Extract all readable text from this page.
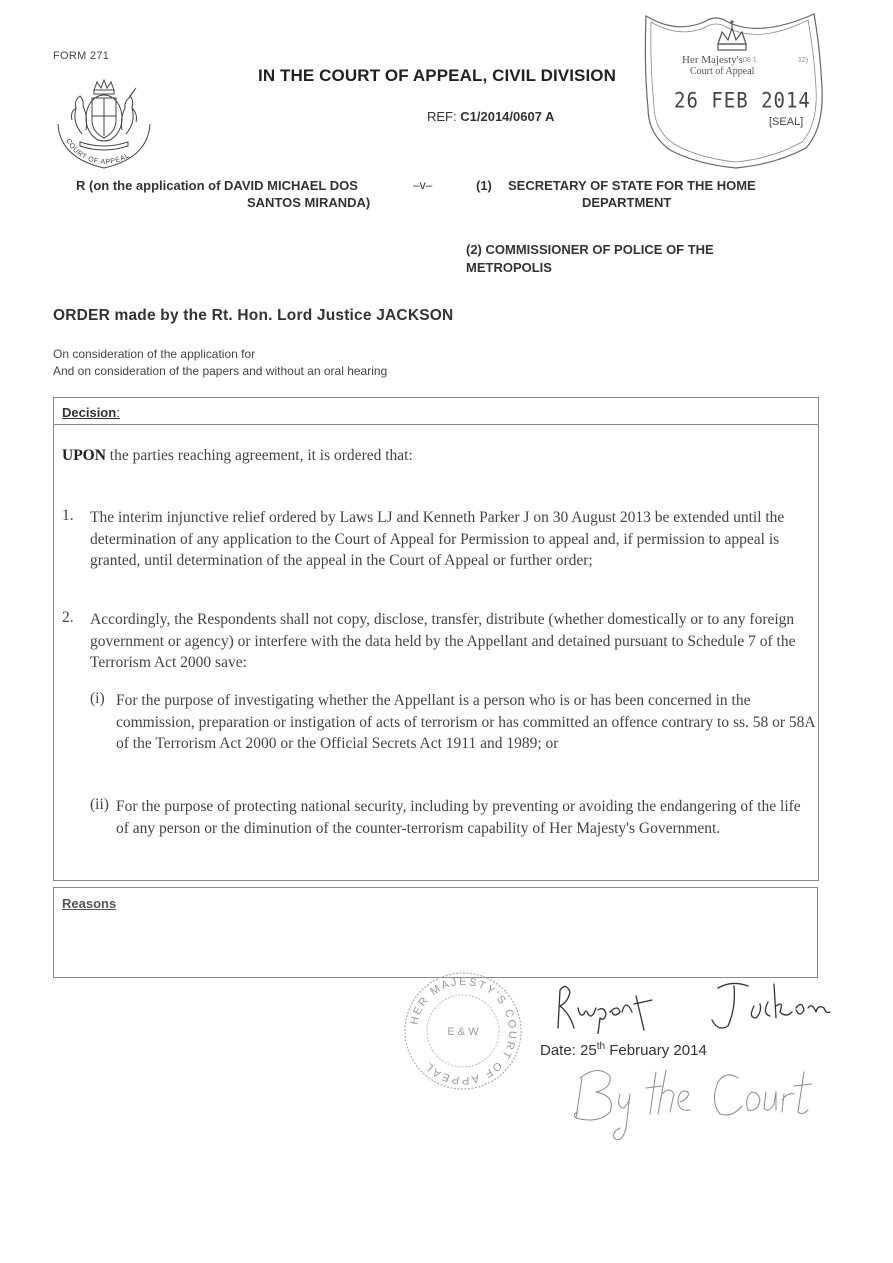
FORM 271
IN THE COURT OF APPEAL, CIVIL DIVISION
REF: C1/2014/0607 A
COURT OF APPEAL
Her Majesty's
Court of Appeal
08 1	12)
26 FEB 2014
[SEAL]
R (on the application of DAVID MICHAEL DOS
SANTOS MIRANDA)
–v–	(1) SECRETARY OF STATE FOR THE HOME
DEPARTMENT
(2) COMMISSIONER OF POLICE OF THE
METROPOLIS
ORDER made by the Rt. Hon. Lord Justice JACKSON
On consideration of the application for
And on consideration of the papers and without an oral hearing
Decision:
UPON the parties reaching agreement, it is ordered that:
1. The interim injunctive relief ordered by Laws LJ and Kenneth Parker J on 30 August 2013 be extended until the determination of any application to the Court of Appeal for Permission to appeal and, if permission to appeal is granted, until determination of the appeal in the Court of Appeal or further order;
2. Accordingly, the Respondents shall not copy, disclose, transfer, distribute (whether domestically or to any foreign government or agency) or interfere with the data held by the Appellant and detained pursuant to Schedule 7 of the Terrorism Act 2000 save:
(i) For the purpose of investigating whether the Appellant is a person who is or has been concerned in the commission, preparation or instigation of acts of terrorism or has committed an offence contrary to ss. 58 or 58A of the Terrorism Act 2000 or the Official Secrets Act 1911 and 1989; or
(ii) For the purpose of protecting national security, including by preventing or avoiding the endangering of the life of any person or the diminution of the counter-terrorism capability of Her Majesty's Government.
Reasons
HER MAJESTY'S COURT OF APPEAL
E & W
Date: 25th February 2014
